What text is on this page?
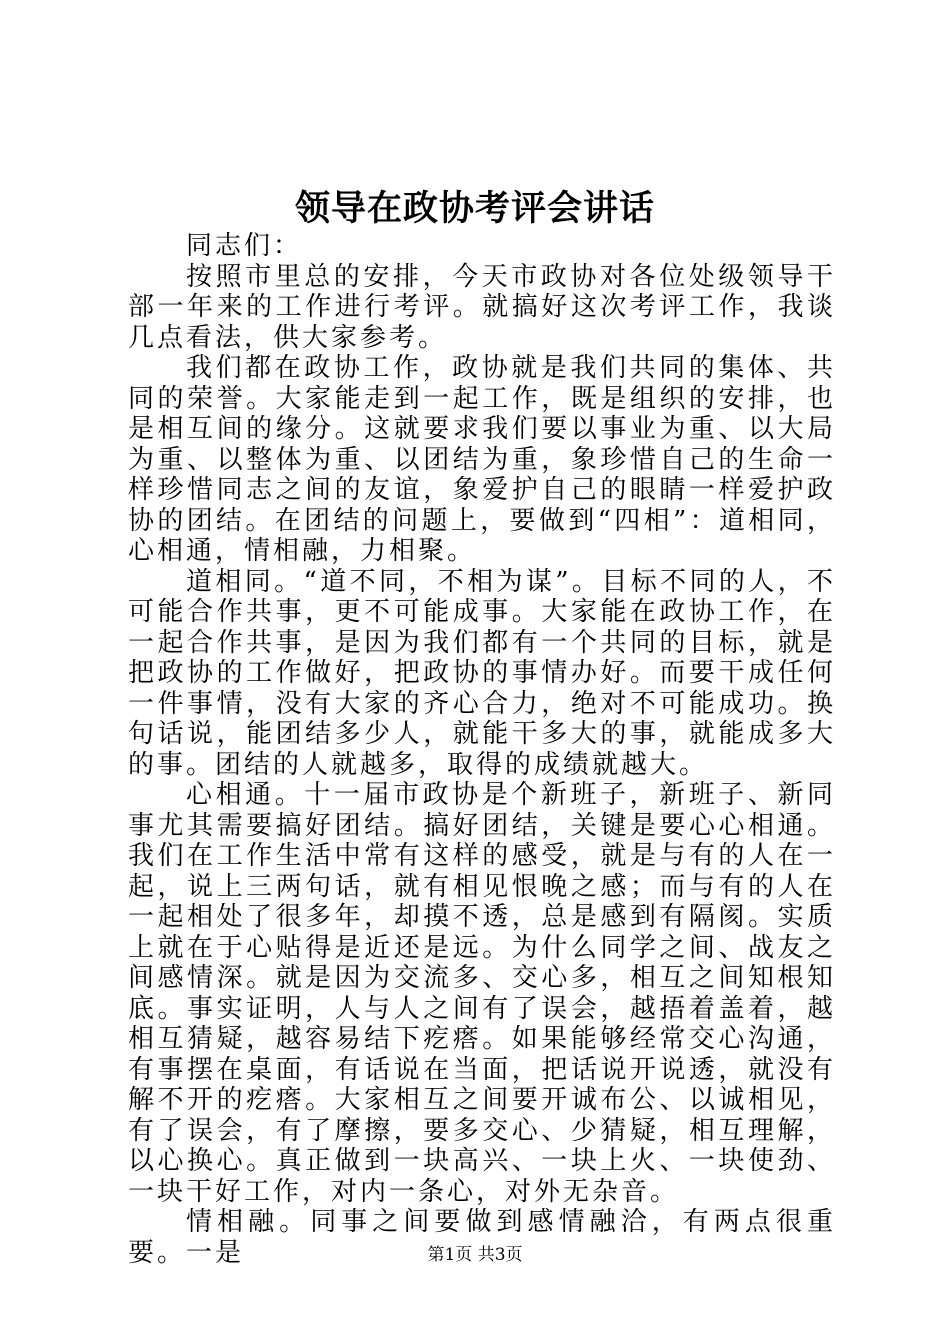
领导在政协考评会讲话

同志们：

按照市里总的安排，今天市政协对各位处级领导干部一年来的工作进行考评。就搞好这次考评工作，我谈几点看法，供大家参考。

我们都在政协工作，政协就是我们共同的集体、共同的荣誉。大家能走到一起工作，既是组织的安排，也是相互间的缘分。这就要求我们要以事业为重、以大局为重、以整体为重、以团结为重，象珍惜自己的生命一样珍惜同志之间的友谊，象爱护自己的眼睛一样爱护政协的团结。在团结的问题上，要做到“四相”：道相同，心相通，情相融，力相聚。

道相同。“道不同，不相为谋”。目标不同的人，不可能合作共事，更不可能成事。大家能在政协工作，在一起合作共事，是因为我们都有一个共同的目标，就是把政协的工作做好，把政协的事情办好。而要干成任何一件事情，没有大家的齐心合力，绝对不可能成功。换句话说，能团结多少人，就能干多大的事，就能成多大的事。团结的人就越多，取得的成绩就越大。

心相通。十一届市政协是个新班子，新班子、新同事尤其需要搞好团结。搞好团结，关键是要心心相通。我们在工作生活中常有这样的感受，就是与有的人在一起，说上三两句话，就有相见恨晚之感；而与有的人在一起相处了很多年，却摸不透，总是感到有隔阂。实质上就在于心贴得是近还是远。为什么同学之间、战友之间感情深。就是因为交流多、交心多，相互之间知根知底。事实证明，人与人之间有了误会，越捂着盖着，越相互猜疑，越容易结下疙瘩。如果能够经常交心沟通，有事摆在桌面，有话说在当面，把话说开说透，就没有解不开的疙瘩。大家相互之间要开诚布公、以诚相见，有了误会，有了摩擦，要多交心、少猜疑，相互理解，以心换心。真正做到一块高兴、一块上火、一块使劲、一块干好工作，对内一条心，对外无杂音。

情相融。同事之间要做到感情融洽，有两点很重要。一是	第1页 共3页
